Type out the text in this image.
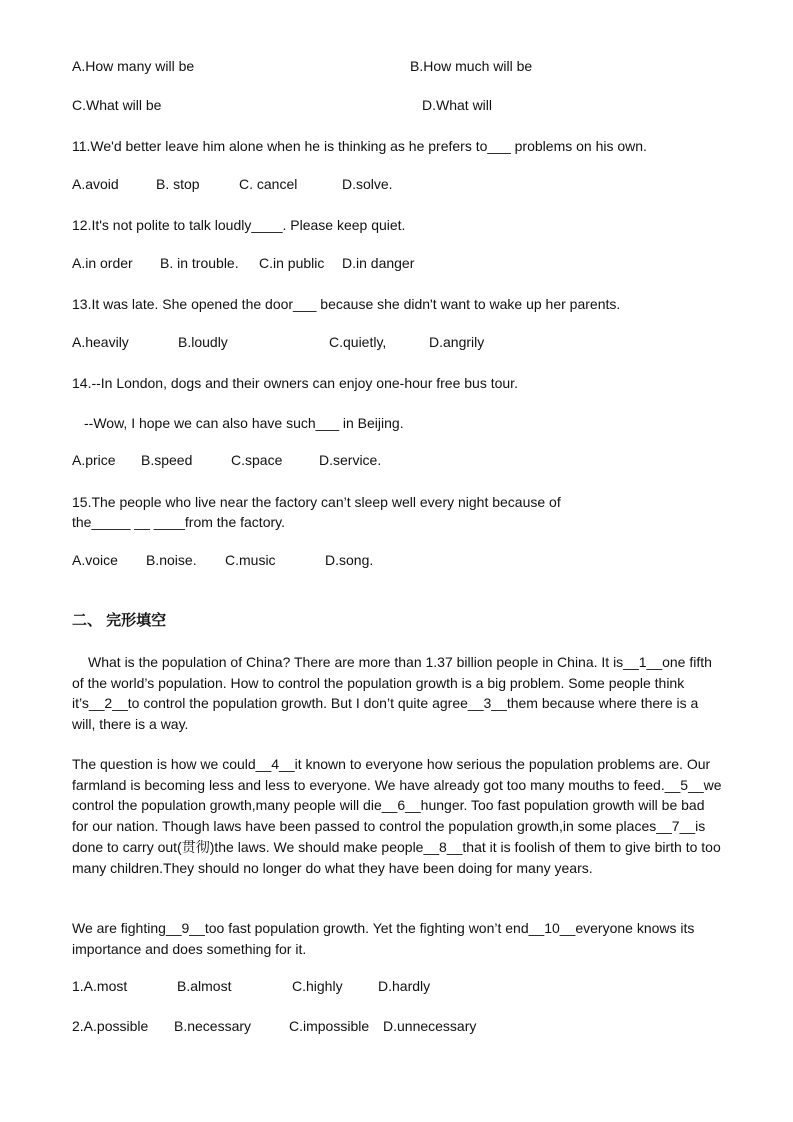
A.How many will be	B.How much will be
C.What will be	D.What will
11.We'd better leave him alone when he is thinking as he prefers to___ problems on his own.
A.avoid	B. stop	C. cancel	D.solve.
12.It's not polite to talk loudly____. Please keep quiet.
A.in order B. in trouble. C.in public D.in danger
13.It was late. She opened the door___ because she didn't want to wake up her parents.
A.heavily	B.loudly	C.quietly,	D.angrily
14.--In London, dogs and their owners can enjoy one-hour free bus tour.
--Wow, I hope we can also have such___ in Beijing.
A.price B.speed	C.space	D.service.
15.The people who live near the factory can’t sleep well every night because of
the_____ __ ____from the factory.
A.voice B.noise. C.music	D.song.
二、 完形填空
What is the population of China? There are more than 1.37 billion people in China. It is__1__one fifth of the world’s population. How to control the population growth is a big problem. Some people think it’s__2__to control the population growth. But I don’t quite agree__3__them because where there is a will, there is a way.
The question is how we could__4__it known to everyone how serious the population problems are. Our farmland is becoming less and less to everyone. We have already got too many mouths to feed.__5__we control the population growth,many people will die__6__hunger. Too fast population growth will be bad for our nation. Though laws have been passed to control the population growth,in some places__7__is done to carry out(贯彻)the laws. We should make people__8__that it is foolish of them to give birth to too many children.They should no longer do what they have been doing for many years.
We are fighting__9__too fast population growth. Yet the fighting won’t end__10__everyone knows its importance and does something for it.
1.A.most	B.almost	C.highly	D.hardly
2.A.possible B.necessary	C.impossible D.unnecessary
